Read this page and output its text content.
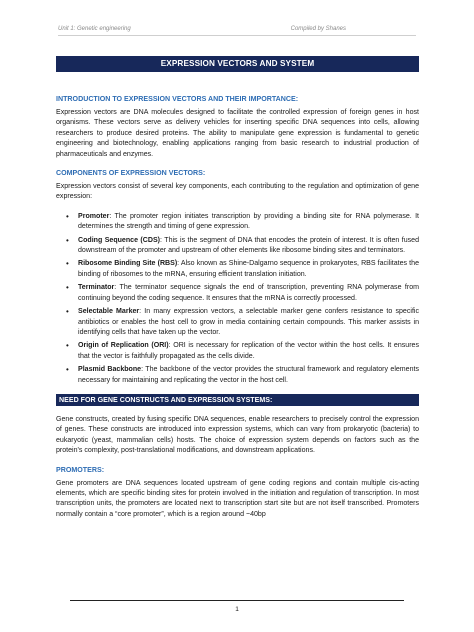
Unit 1: Genetic engineering	Compiled by Shanes
EXPRESSION VECTORS AND SYSTEM
INTRODUCTION TO EXPRESSION VECTORS AND THEIR IMPORTANCE:

Expression vectors are DNA molecules designed to facilitate the controlled expression of foreign genes in host organisms. These vectors serve as delivery vehicles for inserting specific DNA sequences into cells, allowing researchers to produce desired proteins. The ability to manipulate gene expression is fundamental to genetic engineering and biotechnology, enabling applications ranging from basic research to industrial production of pharmaceuticals and enzymes.

COMPONENTS OF EXPRESSION VECTORS:

Expression vectors consist of several key components, each contributing to the regulation and optimization of gene expression:

• Promoter: The promoter region initiates transcription by providing a binding site for RNA polymerase. It determines the strength and timing of gene expression.
• Coding Sequence (CDS): This is the segment of DNA that encodes the protein of interest. It is often fused downstream of the promoter and upstream of other elements like ribosome binding sites and terminators.
• Ribosome Binding Site (RBS): Also known as Shine-Dalgarno sequence in prokaryotes, RBS facilitates the binding of ribosomes to the mRNA, ensuring efficient translation initiation.
• Terminator: The terminator sequence signals the end of transcription, preventing RNA polymerase from continuing beyond the coding sequence. It ensures that the mRNA is correctly processed.
• Selectable Marker: In many expression vectors, a selectable marker gene confers resistance to specific antibiotics or enables the host cell to grow in media containing certain compounds. This marker assists in identifying cells that have taken up the vector.
• Origin of Replication (ORI): ORI is necessary for replication of the vector within the host cells. It ensures that the vector is faithfully propagated as the cells divide.
• Plasmid Backbone: The backbone of the vector provides the structural framework and regulatory elements necessary for maintaining and replicating the vector in the host cell.
NEED FOR GENE CONSTRUCTS AND EXPRESSION SYSTEMS:

Gene constructs, created by fusing specific DNA sequences, enable researchers to precisely control the expression of genes. These constructs are introduced into expression systems, which can vary from prokaryotic (bacteria) to eukaryotic (yeast, mammalian cells) hosts. The choice of expression system depends on factors such as the protein's complexity, post-translational modifications, and downstream applications.

PROMOTERS:

Gene promoters are DNA sequences located upstream of gene coding regions and contain multiple cis-acting elements, which are specific binding sites for protein involved in the initiation and regulation of transcription. In most transcription units, the promoters are located next to transcription start site but are not itself transcribed. Promoters normally contain a “core promoter”, which is a region around ~40bp

1
